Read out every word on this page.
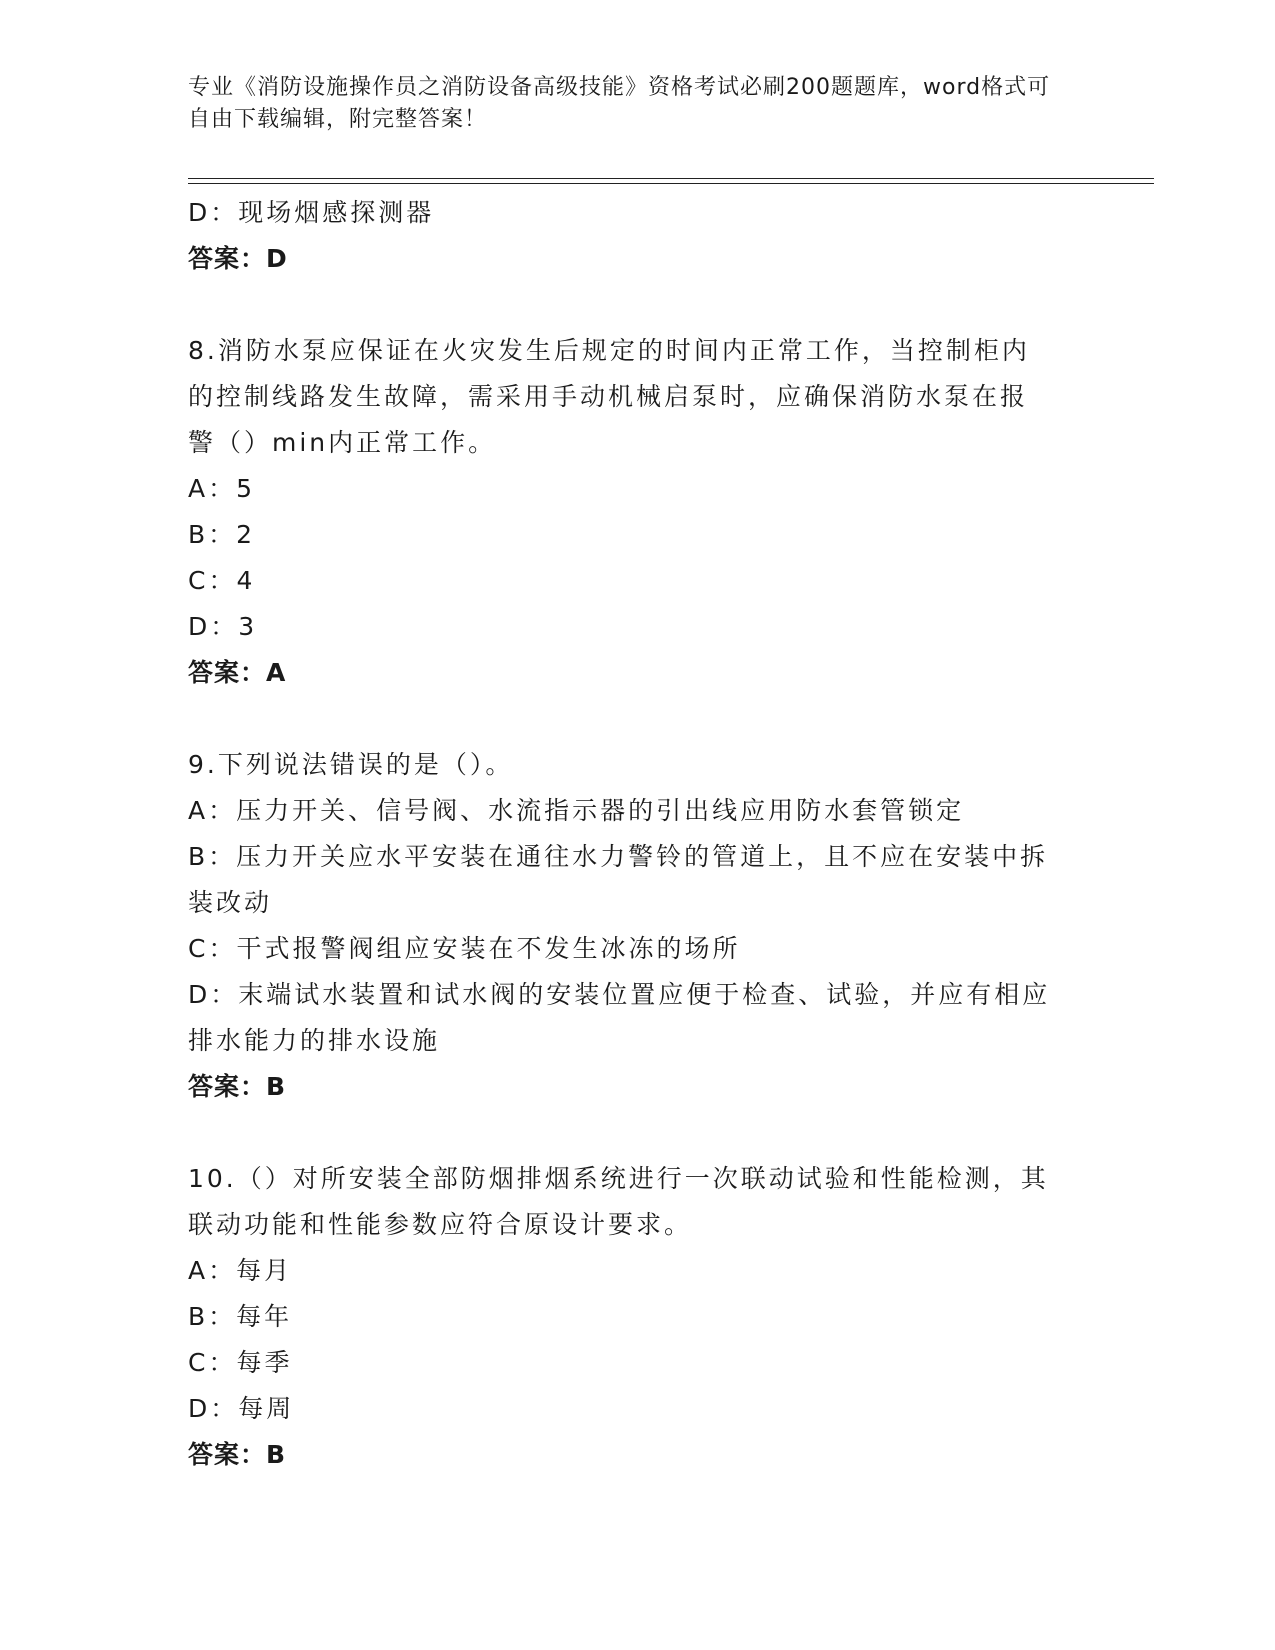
专业《消防设施操作员之消防设备高级技能》资格考试必刷200题题库，word格式可自由下载编辑，附完整答案！
D：现场烟感探测器
答案：D
8.消防水泵应保证在火灾发生后规定的时间内正常工作，当控制柜内
的控制线路发生故障，需采用手动机械启泵时，应确保消防水泵在报
警（）min内正常工作。
A：5
B：2
C：4
D：3
答案：A
9.下列说法错误的是（）。
A：压力开关、信号阀、水流指示器的引出线应用防水套管锁定
B：压力开关应水平安装在通往水力警铃的管道上，且不应在安装中拆
装改动
C：干式报警阀组应安装在不发生冰冻的场所
D：末端试水装置和试水阀的安装位置应便于检查、试验，并应有相应
排水能力的排水设施
答案：B
10.（）对所安装全部防烟排烟系统进行一次联动试验和性能检测，其
联动功能和性能参数应符合原设计要求。
A：每月
B：每年
C：每季
D：每周
答案：B
